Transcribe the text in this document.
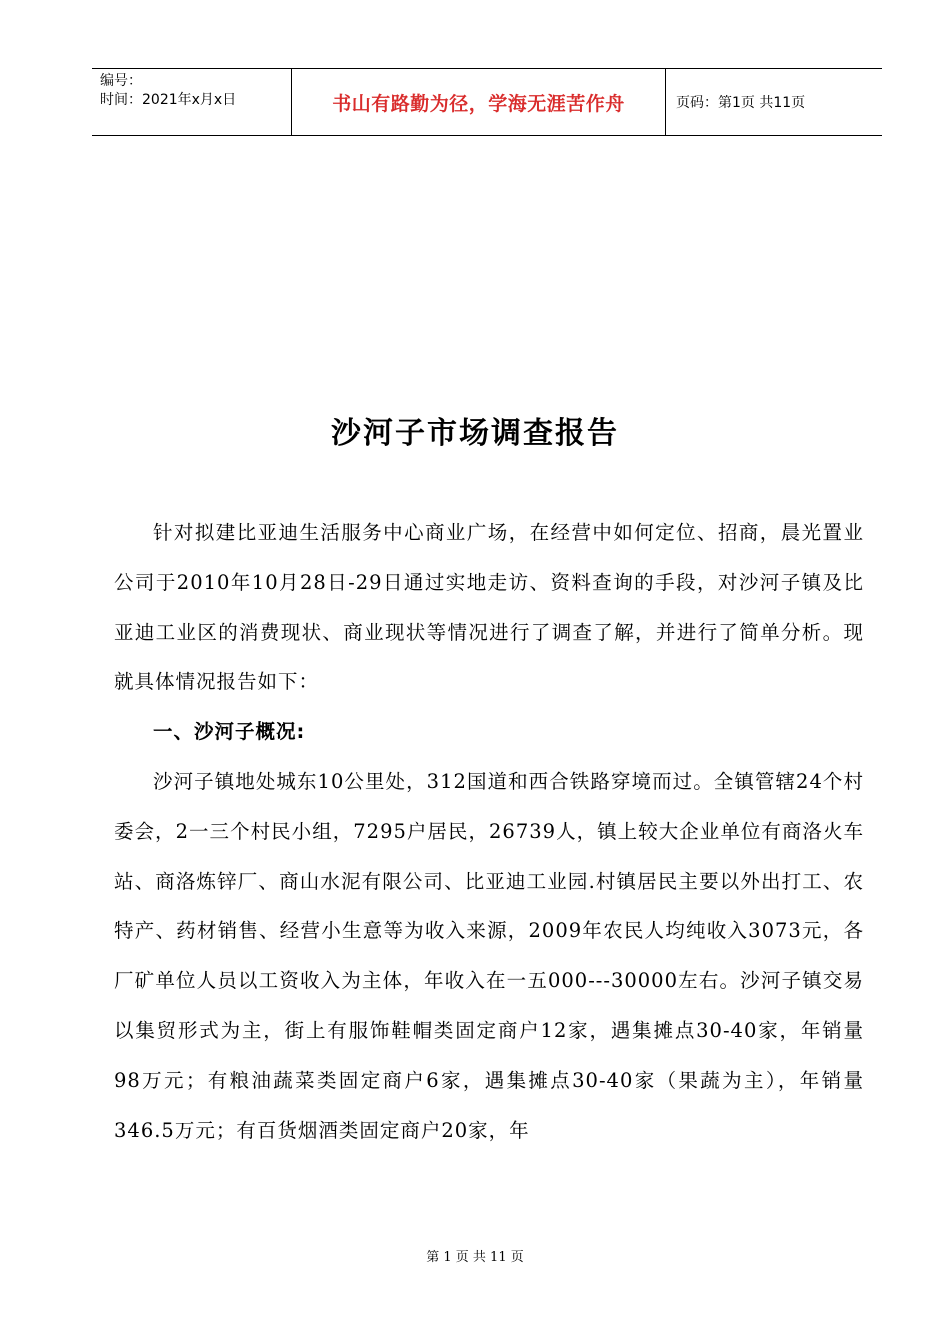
编号：
时间：2021年x月x日	书山有路勤为径，学海无涯苦作舟	页码：第1页 共11页
沙河子市场调查报告

针对拟建比亚迪生活服务中心商业广场，在经营中如何定位、招商，晨光置业公司于2010年10月28日-29日通过实地走访、资料查询的手段，对沙河子镇及比亚迪工业区的消费现状、商业现状等情况进行了调查了解，并进行了简单分析。现就具体情况报告如下：

一、沙河子概况:

沙河子镇地处城东10公里处，312国道和西合铁路穿境而过。全镇管辖24个村委会，2一三个村民小组，7295户居民，26739人，镇上较大企业单位有商洛火车站、商洛炼锌厂、商山水泥有限公司、比亚迪工业园.村镇居民主要以外出打工、农特产、药材销售、经营小生意等为收入来源，2009年农民人均纯收入3073元，各厂矿单位人员以工资收入为主体，年收入在一五000---30000左右。沙河子镇交易以集贸形式为主，街上有服饰鞋帽类固定商户12家，遇集摊点30-40家，年销量98万元；有粮油蔬菜类固定商户6家，遇集摊点30-40家（果蔬为主），年销量346.5万元；有百货烟酒类固定商户20家，年

第 1 页 共 11 页
